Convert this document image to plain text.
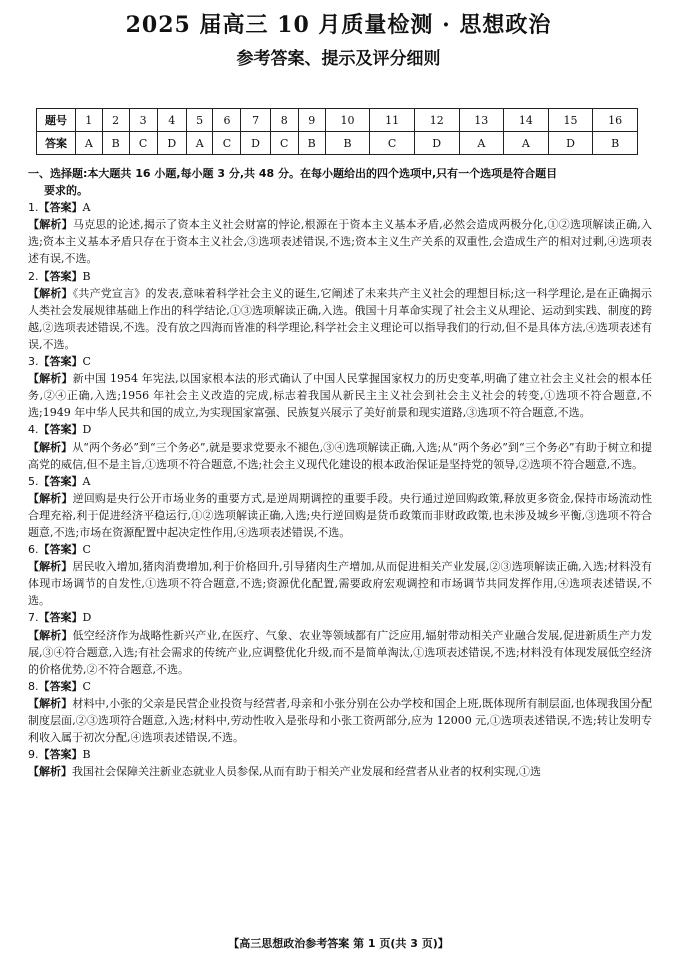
2025 届高三 10 月质量检测 · 思想政治
参考答案、提示及评分细则
题号	1	2	3	4	5	6	7	8	9	10	11	12	13	14	15	16
答案	A	B	C	D	A	C	D	C	B	B	C	D	A	A	D	B

一、选择题:本大题共 16 小题,每小题 3 分,共 48 分。在每小题给出的四个选项中,只有一个选项是符合题目

要求的。

1.【答案】A

【解析】马克思的论述,揭示了资本主义社会财富的悖论,根源在于资本主义基本矛盾,必然会造成两极分化,①②选项解读正确,入选;资本主义基本矛盾只存在于资本主义社会,③选项表述错误,不选;资本主义生产关系的双重性,会造成生产的相对过剩,④选项表述有误,不选。

2.【答案】B

【解析】《共产党宣言》的发表,意味着科学社会主义的诞生,它阐述了未来共产主义社会的理想目标;这一科学理论,是在正确揭示人类社会发展规律基础上作出的科学结论,①③选项解读正确,入选。俄国十月革命实现了社会主义从理论、运动到实践、制度的跨越,②选项表述错误,不选。没有放之四海而皆准的科学理论,科学社会主义理论可以指导我们的行动,但不是具体方法,④选项表述有误,不选。

3.【答案】C

【解析】新中国 1954 年宪法,以国家根本法的形式确认了中国人民掌握国家权力的历史变革,明确了建立社会主义社会的根本任务,②④正确,入选;1956 年社会主义改造的完成,标志着我国从新民主主义社会到社会主义社会的转变,①选项不符合题意,不选;1949 年中华人民共和国的成立,为实现国家富强、民族复兴展示了美好前景和现实道路,③选项不符合题意,不选。

4.【答案】D

【解析】从“两个务必”到“三个务必”,就是要求党要永不褪色,③④选项解读正确,入选;从“两个务必”到“三个务必”有助于树立和提高党的威信,但不是主旨,①选项不符合题意,不选;社会主义现代化建设的根本政治保证是坚持党的领导,②选项不符合题意,不选。

5.【答案】A

【解析】逆回购是央行公开市场业务的重要方式,是逆周期调控的重要手段。央行通过逆回购政策,释放更多资金,保持市场流动性合理充裕,利于促进经济平稳运行,①②选项解读正确,入选;央行逆回购是货币政策而非财政政策,也未涉及城乡平衡,③选项不符合题意,不选;市场在资源配置中起决定性作用,④选项表述错误,不选。

6.【答案】C

【解析】居民收入增加,猪肉消费增加,利于价格回升,引导猪肉生产增加,从而促进相关产业发展,②③选项解读正确,入选;材料没有体现市场调节的自发性,①选项不符合题意,不选;资源优化配置,需要政府宏观调控和市场调节共同发挥作用,④选项表述错误,不选。

7.【答案】D

【解析】低空经济作为战略性新兴产业,在医疗、气象、农业等领域都有广泛应用,辐射带动相关产业融合发展,促进新质生产力发展,③④符合题意,入选;有社会需求的传统产业,应调整优化升级,而不是简单淘汰,①选项表述错误,不选;材料没有体现发展低空经济的价格优势,②不符合题意,不选。

8.【答案】C

【解析】材料中,小张的父亲是民营企业投资与经营者,母亲和小张分别在公办学校和国企上班,既体现所有制层面,也体现我国分配制度层面,②③选项符合题意,入选;材料中,劳动性收入是张母和小张工资两部分,应为 12000 元,①选项表述错误,不选;转让发明专利收入属于初次分配,④选项表述错误,不选。

9.【答案】B

【解析】我国社会保障关注新业态就业人员参保,从而有助于相关产业发展和经营者从业者的权利实现,①选

【高三思想政治参考答案 第 1 页(共 3 页)】
